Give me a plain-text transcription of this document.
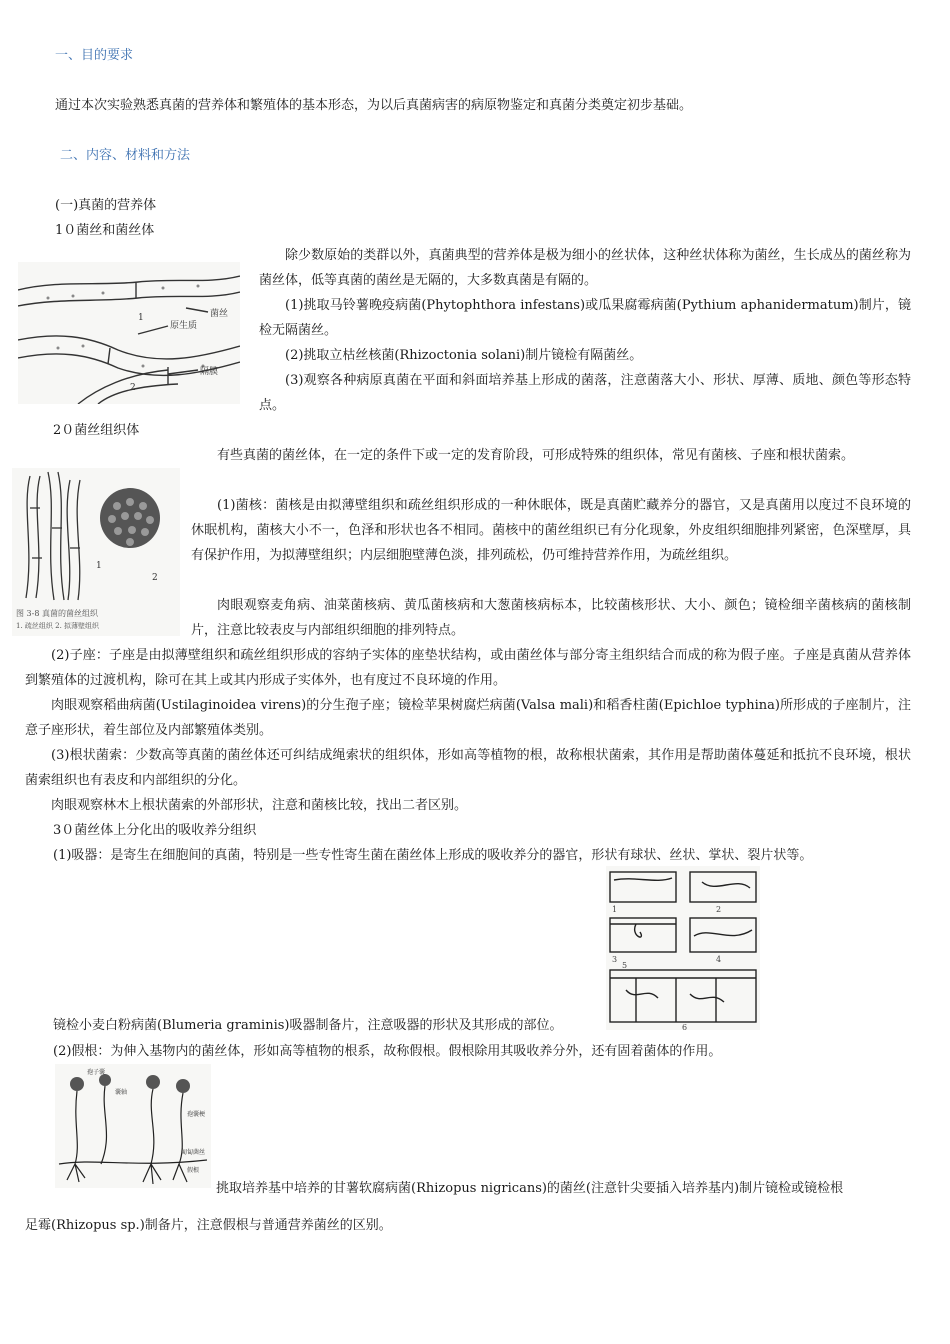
一、目的要求
通过本次实验熟悉真菌的营养体和繁殖体的基本形态，为以后真菌病害的病原物鉴定和真菌分类奠定初步基础。
二、内容、材料和方法
(一)真菌的营养体
1０菌丝和菌丝体
菌丝
原生质
隔膜
1
2
除少数原始的类群以外，真菌典型的营养体是极为细小的丝状体，这种丝状体称为菌丝，生长成丛的菌丝称为菌丝体，低等真菌的菌丝是无隔的，大多数真菌是有隔的。
(1)挑取马铃薯晚疫病菌(Phytophthora infestans)或瓜果腐霉病菌(Pythium aphanidermatum)制片，镜检无隔菌丝。
(2)挑取立枯丝核菌(Rhizoctonia solani)制片镜检有隔菌丝。
(3)观察各种病原真菌在平面和斜面培养基上形成的菌落，注意菌落大小、形状、厚薄、质地、颜色等形态特点。
2０菌丝组织体
1
2
图 3-8 真菌的菌丝组织
1. 疏丝组织 2. 拟薄壁组织
有些真菌的菌丝体，在一定的条件下或一定的发育阶段，可形成特殊的组织体，常见有菌核、子座和根状菌索。
(1)菌核：菌核是由拟薄壁组织和疏丝组织形成的一种休眠体，既是真菌贮藏养分的器官，又是真菌用以度过不良环境的休眠机构，菌核大小不一，色泽和形状也各不相同。菌核中的菌丝组织已有分化现象，外皮组织细胞排列紧密，色深壁厚，具有保护作用，为拟薄壁组织；内层细胞壁薄色淡，排列疏松，仍可维持营养作用，为疏丝组织。
肉眼观察麦角病、油菜菌核病、黄瓜菌核病和大葱菌核病标本，比较菌核形状、大小、颜色；镜检细辛菌核病的菌核制片，注意比较表皮与内部组织细胞的排列特点。
(2)子座：子座是由拟薄壁组织和疏丝组织形成的容纳子实体的座垫状结构，或由菌丝体与部分寄主组织结合而成的称为假子座。子座是真菌从营养体到繁殖体的过渡机构，除可在其上或其内形成子实体外，也有度过不良环境的作用。
肉眼观察稻曲病菌(Ustilaginoidea virens)的分生孢子座；镜检苹果树腐烂病菌(Valsa mali)和稻香柱菌(Epichloe typhina)所形成的子座制片，注意子座形状，着生部位及内部繁殖体类别。
(3)根状菌索：少数高等真菌的菌丝体还可纠结成绳索状的组织体，形如高等植物的根，故称根状菌索，其作用是帮助菌体蔓延和抵抗不良环境，根状菌索组织也有表皮和内部组织的分化。
肉眼观察林木上根状菌索的外部形状，注意和菌核比较，找出二者区别。
3０菌丝体上分化出的吸收养分组织
(1)吸器：是寄生在细胞间的真菌，特别是一些专性寄生菌在菌丝体上形成的吸收养分的器官，形状有球状、丝状、掌状、裂片状等。
1	2
3	4
5
6
镜检小麦白粉病菌(Blumeria graminis)吸器制备片，注意吸器的形状及其形成的部位。
(2)假根：为伸入基物内的菌丝体，形如高等植物的根系，故称假根。假根除用其吸收养分外，还有固着菌体的作用。
孢子囊
囊轴
孢囊梗
匍匐菌丝
假根
挑取培养基中培养的甘薯软腐病菌(Rhizopus nigricans)的菌丝(注意针尖要插入培养基内)制片镜检或镜检根
足霉(Rhizopus sp.)制备片，注意假根与普通营养菌丝的区别。
